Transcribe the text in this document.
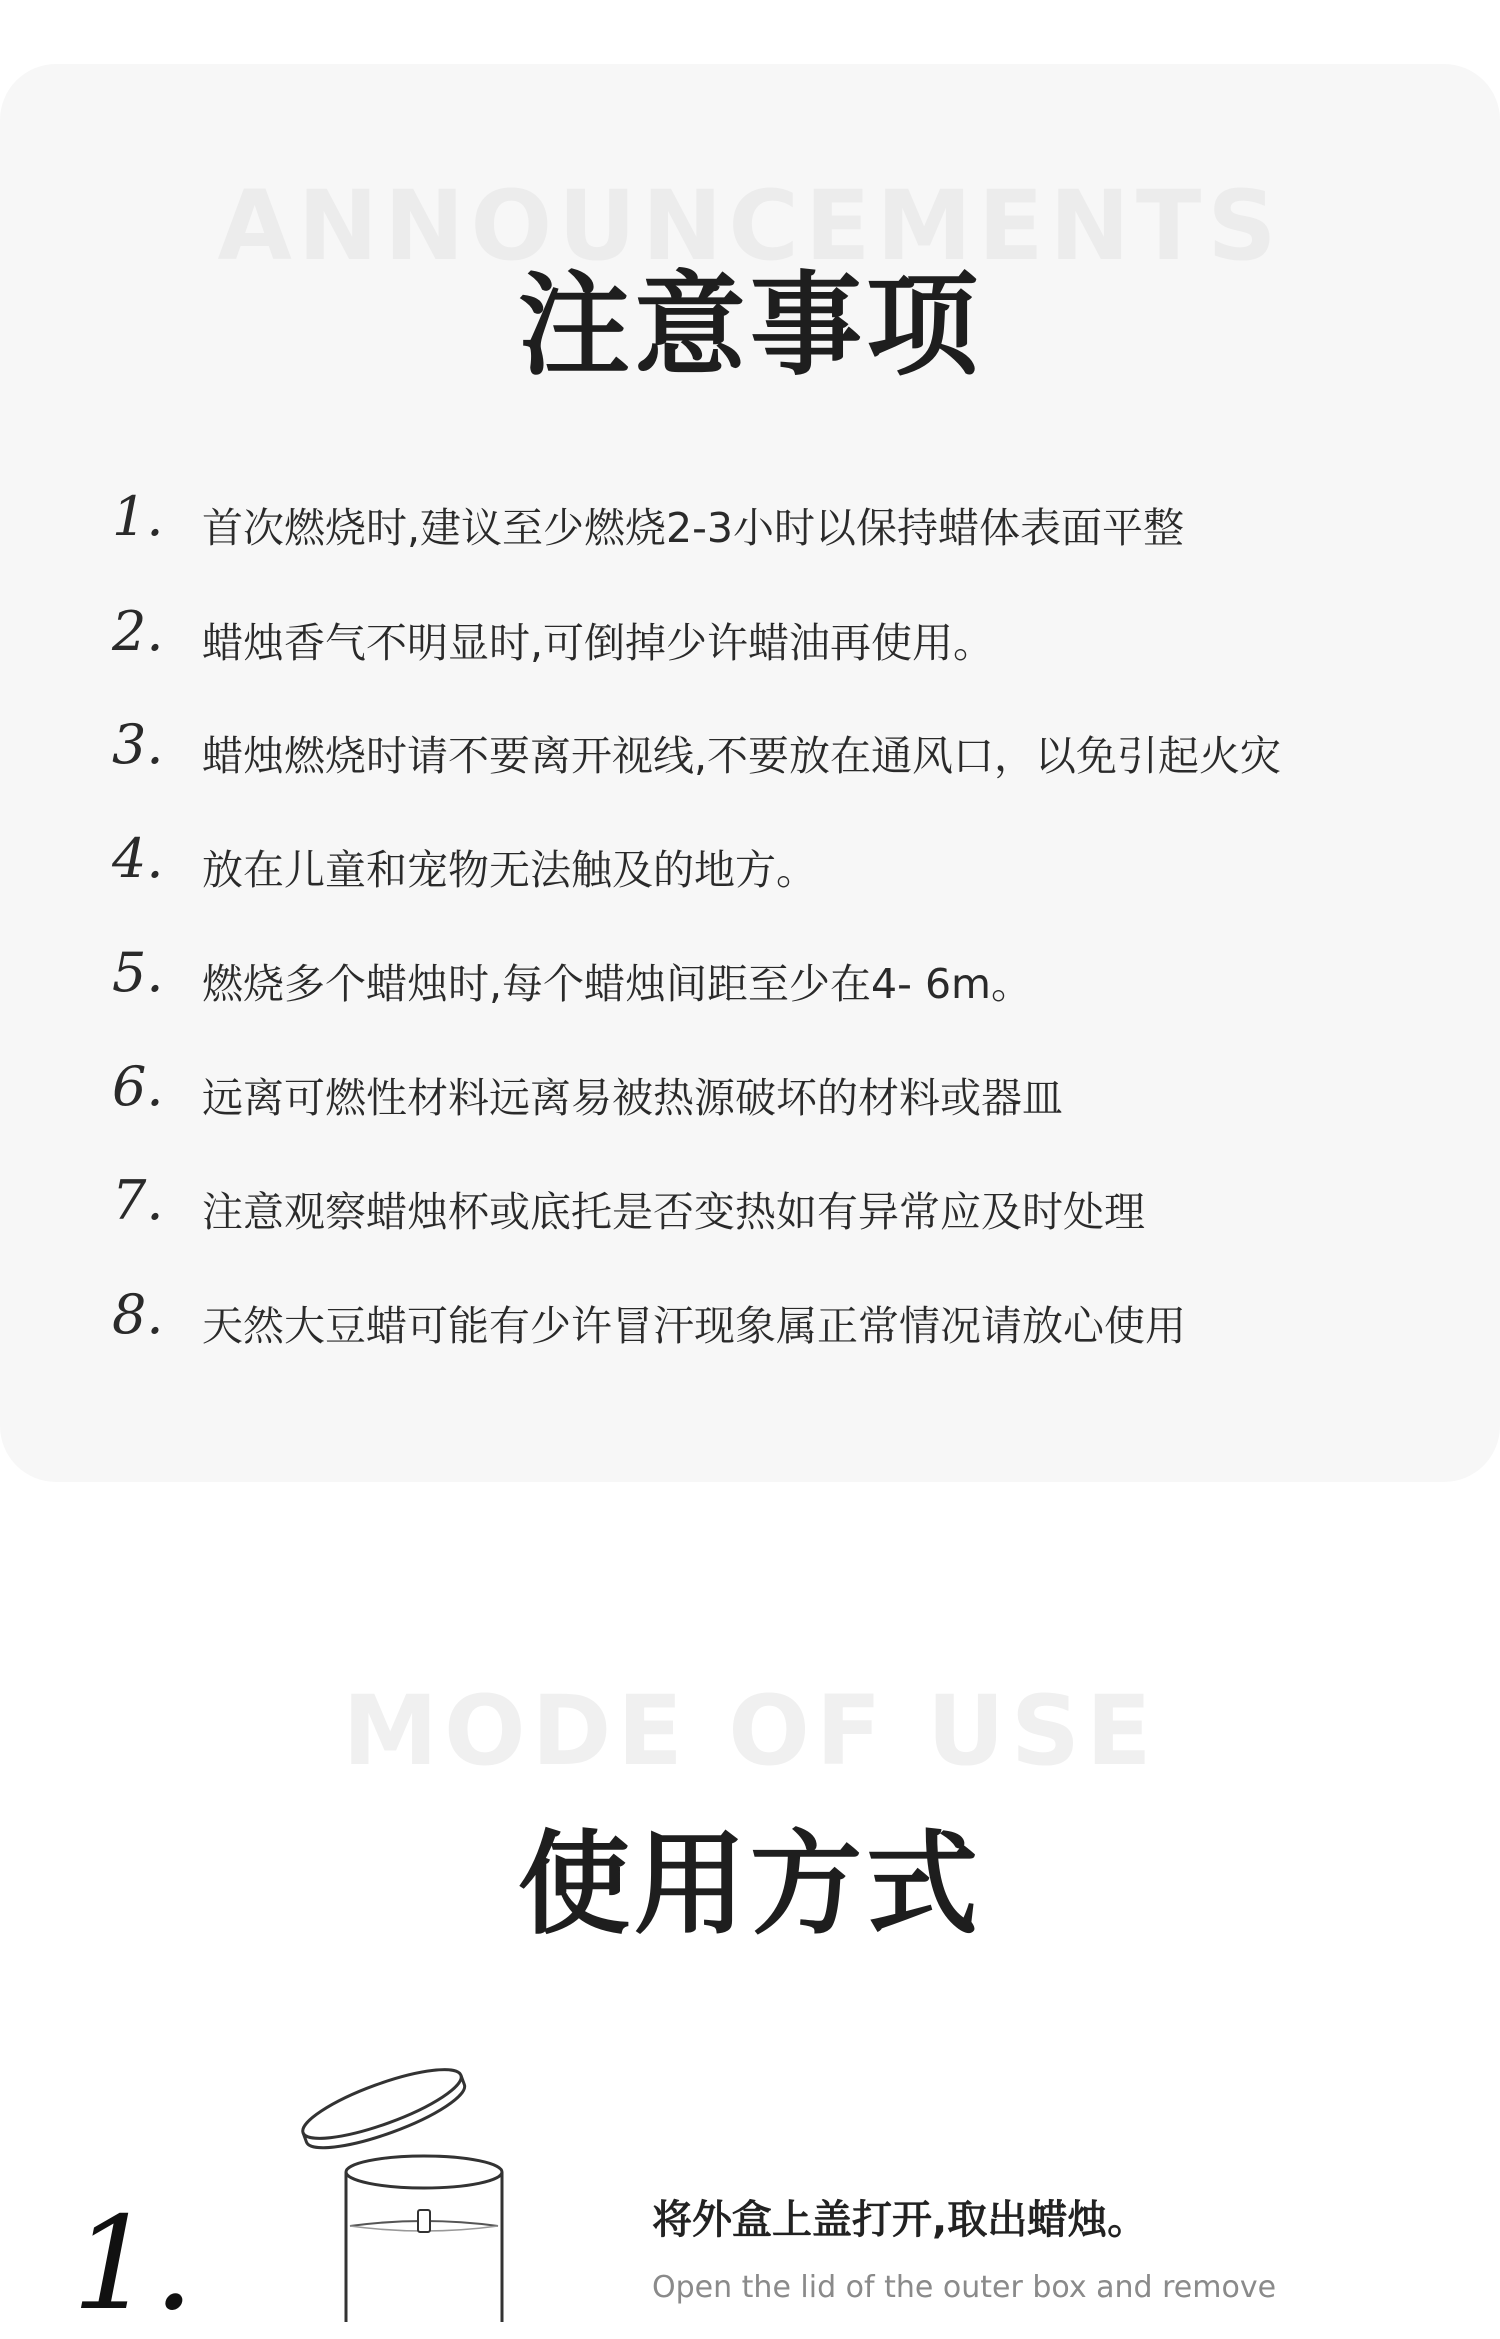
ANNOUNCEMENTS
注意事项
1. 首次燃烧时,建议至少燃烧2-3小时以保持蜡体表面平整
2. 蜡烛香气不明显时,可倒掉少许蜡油再使用。
3. 蜡烛燃烧时请不要离开视线,不要放在通风口，以免引起火灾
4. 放在儿童和宠物无法触及的地方。
5. 燃烧多个蜡烛时,每个蜡烛间距至少在4- 6m。
6. 远离可燃性材料远离易被热源破坏的材料或器皿
7. 注意观察蜡烛杯或底托是否变热如有异常应及时处理
8. 天然大豆蜡可能有少许冒汗现象属正常情况请放心使用
MODE OF USE
使用方式
1.	将外盒上盖打开,取出蜡烛。
Open the lid of the outer box and remove
